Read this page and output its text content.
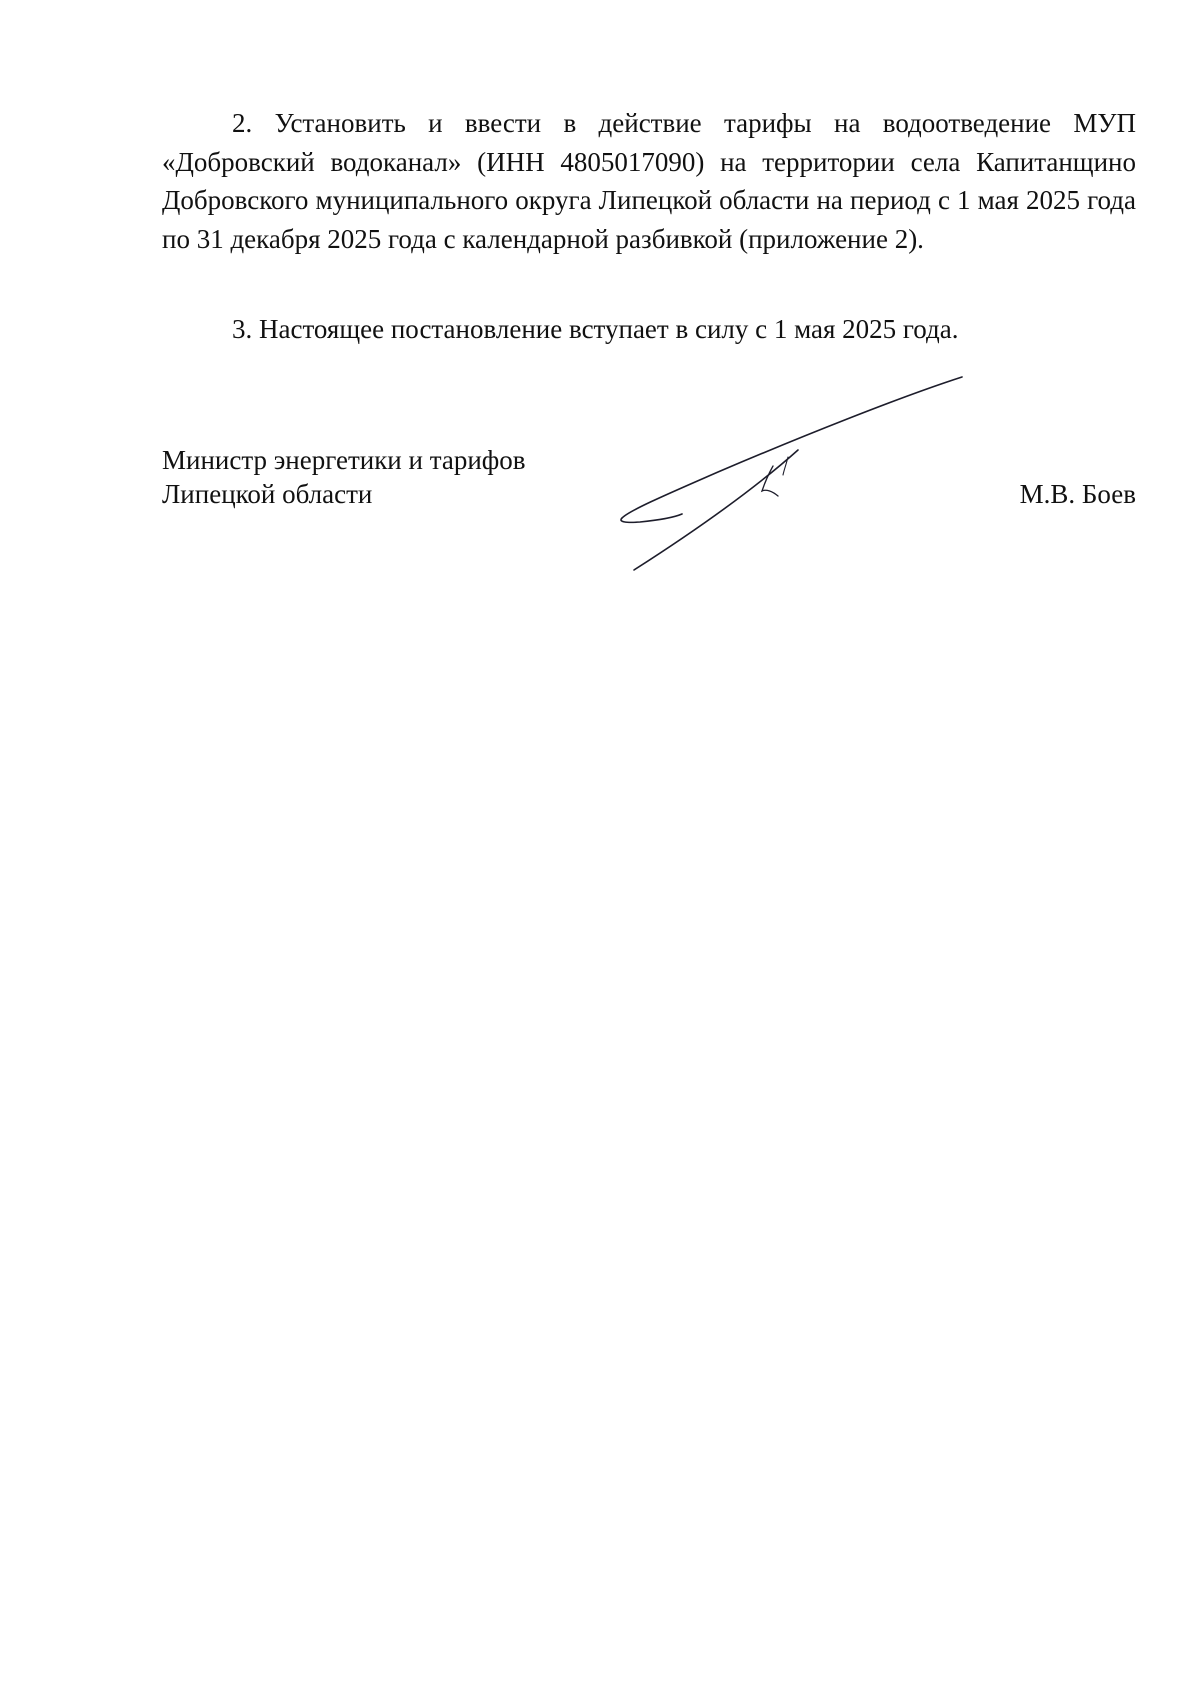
2. Установить и ввести в действие тарифы на водоотведение МУП «Добровский водоканал» (ИНН 4805017090) на территории села Капитанщино Добровского муниципального округа Липецкой области на период с 1 мая 2025 года по 31 декабря 2025 года с календарной разбивкой (приложение 2).

3. Настоящее постановление вступает в силу с 1 мая 2025 года.

Министр энергетики и тарифов
Липецкой области	М.В. Боев
